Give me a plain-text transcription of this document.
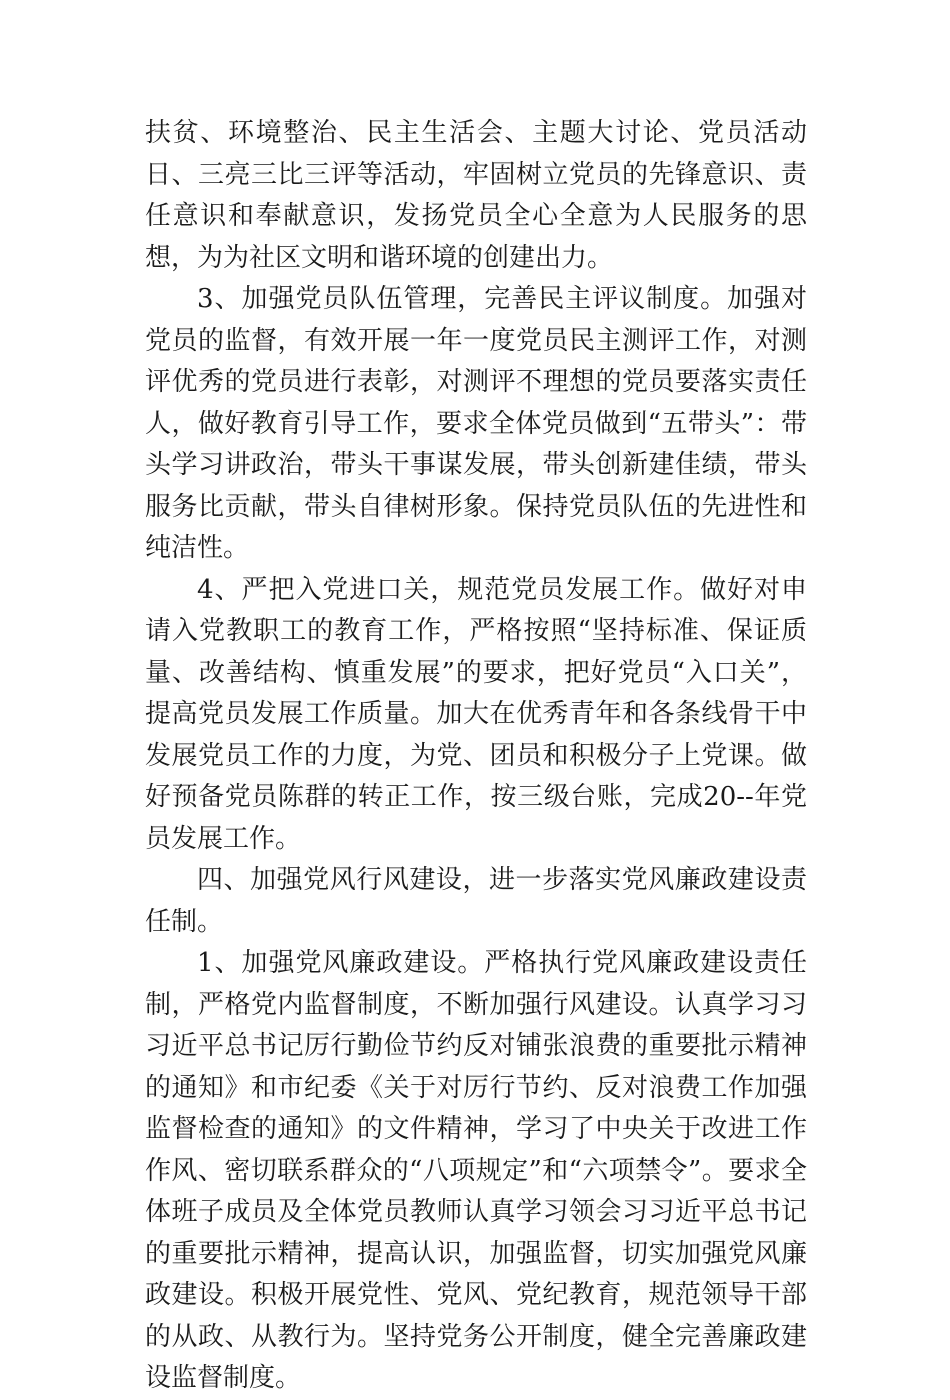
扶贫、环境整治、民主生活会、主题大讨论、党员活动日、三亮三比三评等活动，牢固树立党员的先锋意识、责任意识和奉献意识，发扬党员全心全意为人民服务的思想，为为社区文明和谐环境的创建出力。

3、加强党员队伍管理，完善民主评议制度。加强对党员的监督，有效开展一年一度党员民主测评工作，对测评优秀的党员进行表彰，对测评不理想的党员要落实责任人，做好教育引导工作，要求全体党员做到“五带头”：带头学习讲政治，带头干事谋发展，带头创新建佳绩，带头服务比贡献，带头自律树形象。保持党员队伍的先进性和纯洁性。

4、严把入党进口关，规范党员发展工作。做好对申请入党教职工的教育工作，严格按照“坚持标准、保证质量、改善结构、慎重发展”的要求，把好党员“入口关”，提高党员发展工作质量。加大在优秀青年和各条线骨干中发展党员工作的力度，为党、团员和积极分子上党课。做好预备党员陈群的转正工作，按三级台账，完成20--年党员发展工作。

四、加强党风行风建设，进一步落实党风廉政建设责任制。

1、加强党风廉政建设。严格执行党风廉政建设责任制，严格党内监督制度，不断加强行风建设。认真学习习习近平总书记厉行勤俭节约反对铺张浪费的重要批示精神的通知》和市纪委《关于对厉行节约、反对浪费工作加强监督检查的通知》的文件精神，学习了中央关于改进工作作风、密切联系群众的“八项规定”和“六项禁令”。要求全体班子成员及全体党员教师认真学习领会习习近平总书记的重要批示精神，提高认识，加强监督，切实加强党风廉政建设。积极开展党性、党风、党纪教育，规范领导干部的从政、从教行为。坚持党务公开制度，健全完善廉政建设监督制度。
